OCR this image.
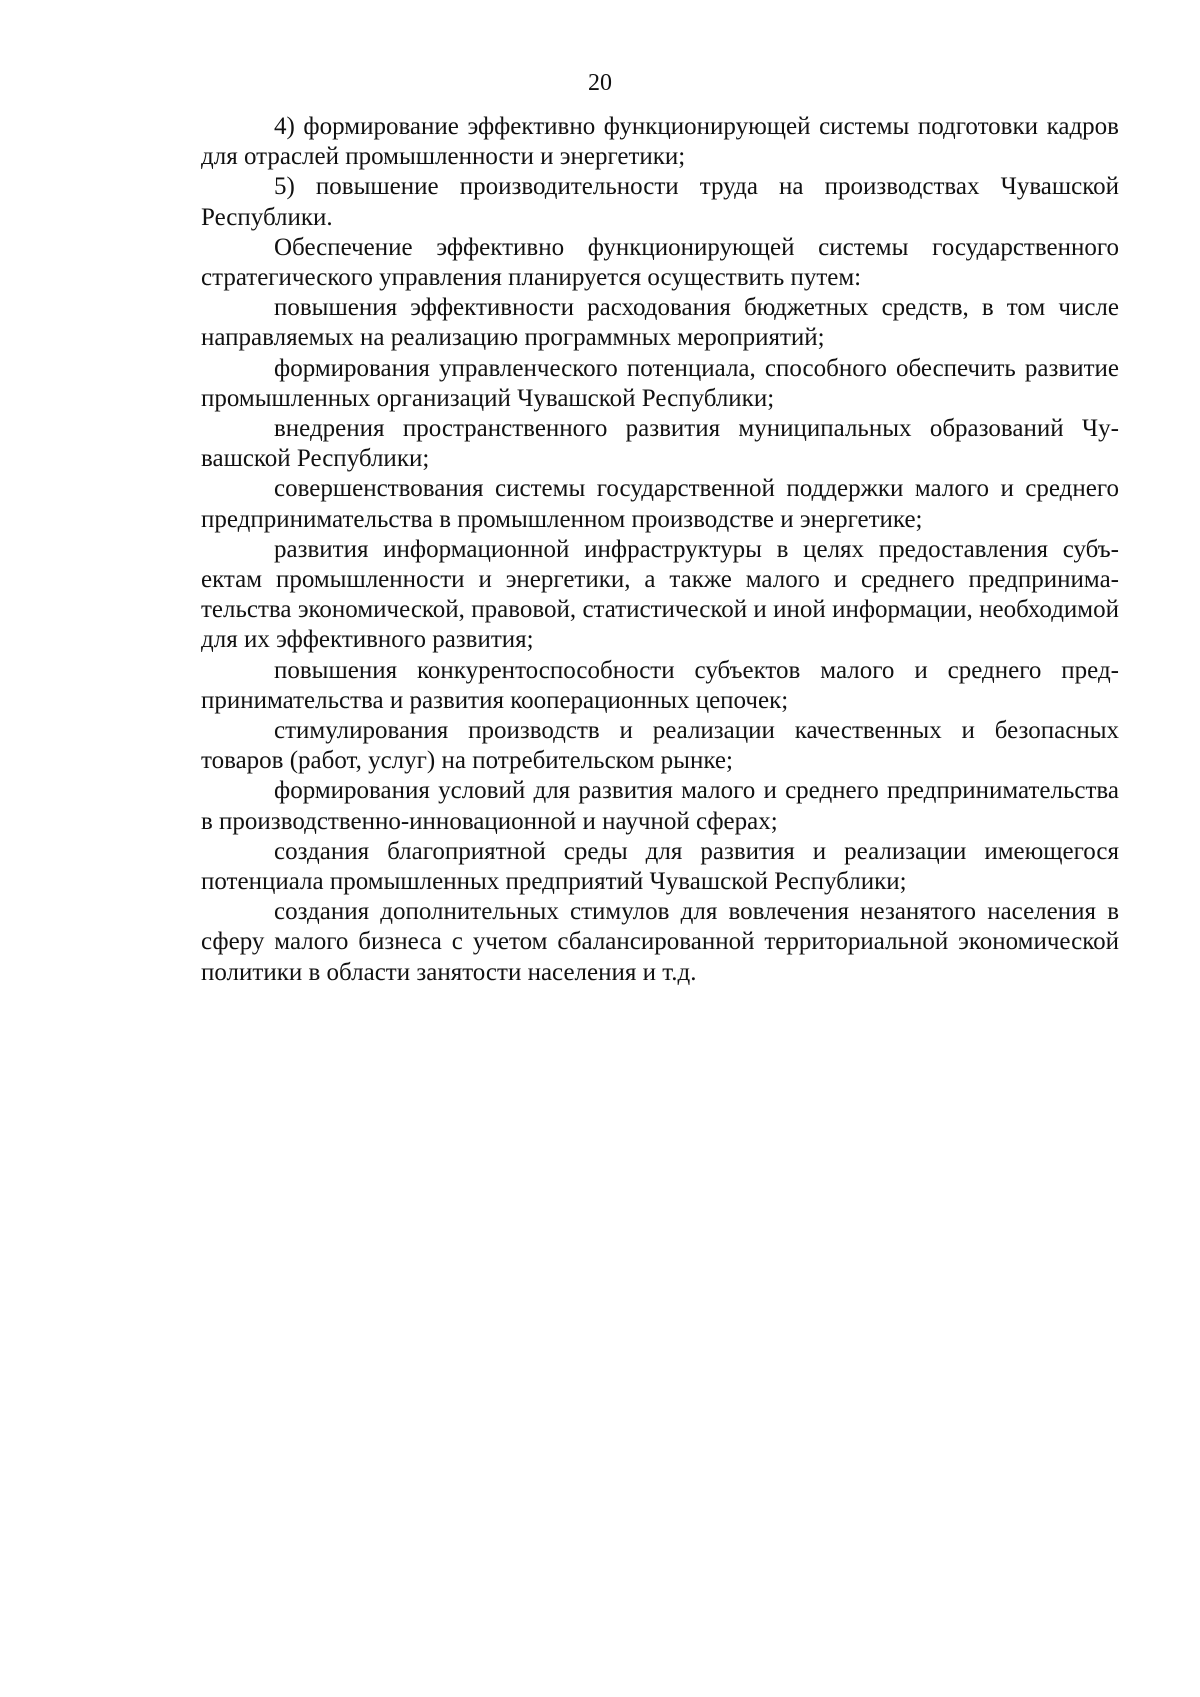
20

4) формирование эффективно функционирующей системы подготовки кадров для отраслей промышленности и энергетики;

5) повышение производительности труда на производствах Чувашской Республики.

Обеспечение эффективно функционирующей системы государственного стратегического управления планируется осуществить путем:

повышения эффективности расходования бюджетных средств, в том числе направляемых на реализацию программных мероприятий;

формирования управленческого потенциала, способного обеспечить развитие промышленных организаций Чувашской Республики;

внедрения пространственного развития муниципальных образований Чувашской Республики;

совершенствования системы государственной поддержки малого и среднего предпринимательства в промышленном производстве и энергетике;

развития информационной инфраструктуры в целях предоставления субъектам промышленности и энергетики, а также малого и среднего предпринимательства экономической, правовой, статистической и иной информации, необходимой для их эффективного развития;

повышения конкурентоспособности субъектов малого и среднего предпринимательства и развития кооперационных цепочек;

стимулирования производств и реализации качественных и безопасных товаров (работ, услуг) на потребительском рынке;

формирования условий для развития малого и среднего предпринимательства в производственно-инновационной и научной сферах;

создания благоприятной среды для развития и реализации имеющегося потенциала промышленных предприятий Чувашской Республики;

создания дополнительных стимулов для вовлечения незанятого населения в сферу малого бизнеса с учетом сбалансированной территориальной экономической политики в области занятости населения и т.д.
